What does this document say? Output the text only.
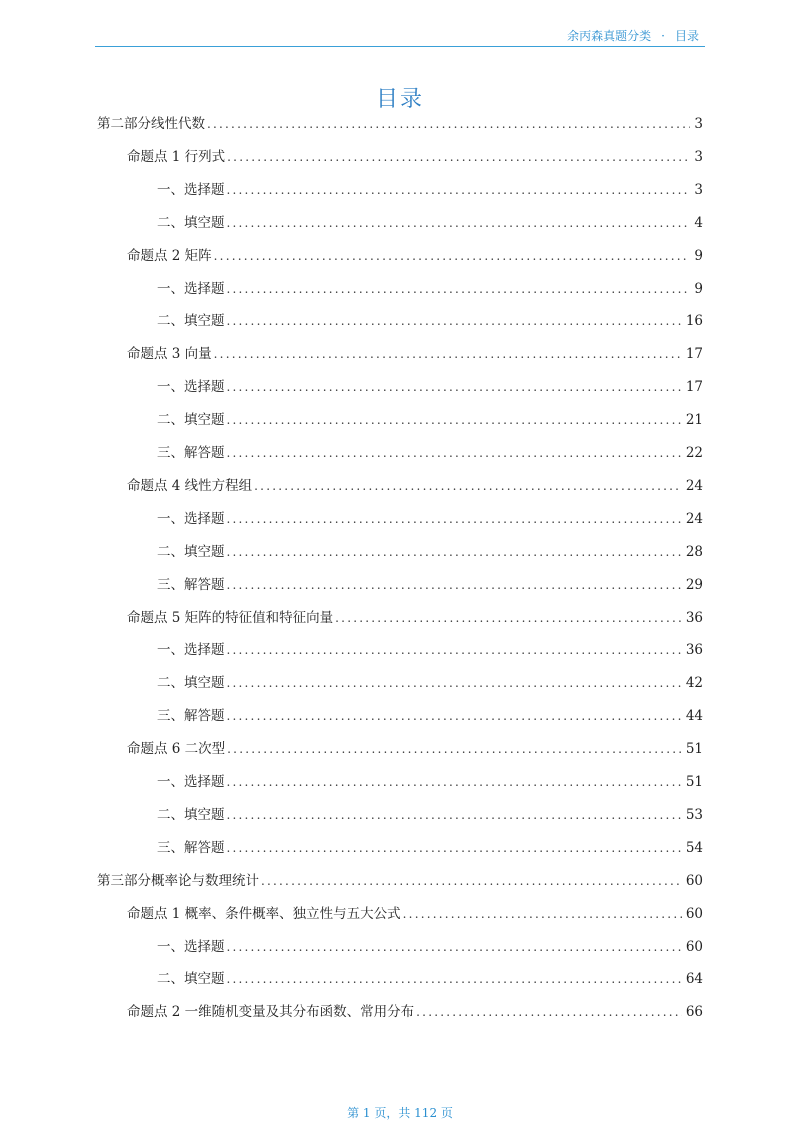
余丙森真题分类 · 目录
目录
第二部分线性代数 .....	3
命题点 1 行列式 .....	3
一、选择题 .....	3
二、填空题 .....	4
命题点 2 矩阵 .....	9
一、选择题 .....	9
二、填空题 .....	16
命题点 3 向量 .....	17
一、选择题 .....	17
二、填空题 .....	21
三、解答题 .....	22
命题点 4 线性方程组 .....	24
一、选择题 .....	24
二、填空题 .....	28
三、解答题 .....	29
命题点 5 矩阵的特征值和特征向量 .....	36
一、选择题 .....	36
二、填空题 .....	42
三、解答题 .....	44
命题点 6 二次型 .....	51
一、选择题 .....	51
二、填空题 .....	53
三、解答题 .....	54
第三部分概率论与数理统计 .....	60
命题点 1 概率、条件概率、独立性与五大公式 .....	60
一、选择题 .....	60
二、填空题 .....	64
命题点 2 一维随机变量及其分布函数、常用分布 .....	66
第 1 页，共 112 页
